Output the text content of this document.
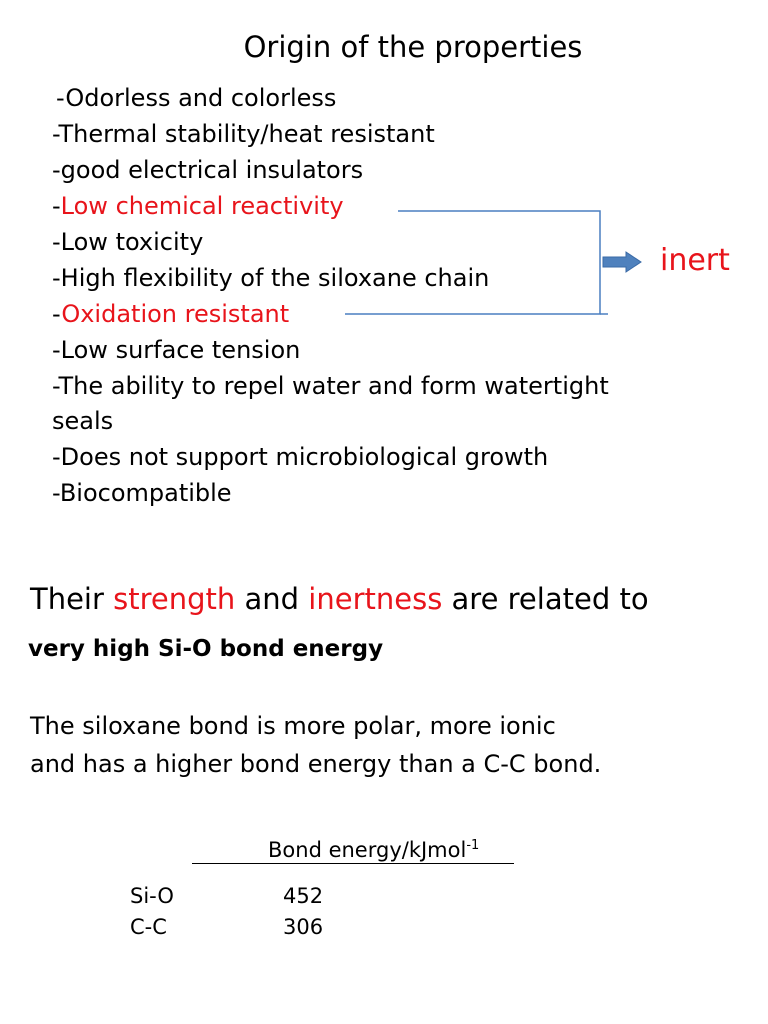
Origin of the properties
-Odorless and colorless
-Thermal stability/heat resistant
-good electrical insulators
-Low chemical reactivity
-Low toxicity
-High flexibility of the siloxane chain
-Oxidation resistant
-Low surface tension
-The ability to repel water and form watertight
seals
-Does not support microbiological growth
-Biocompatible
inert
Their strength and inertness are related to
very high Si-O bond energy
The siloxane bond is more polar, more ionic
and has a higher bond energy than a C-C bond.
Bond energy/kJmol$^{-1}$
Si-O	452
C-C	306
